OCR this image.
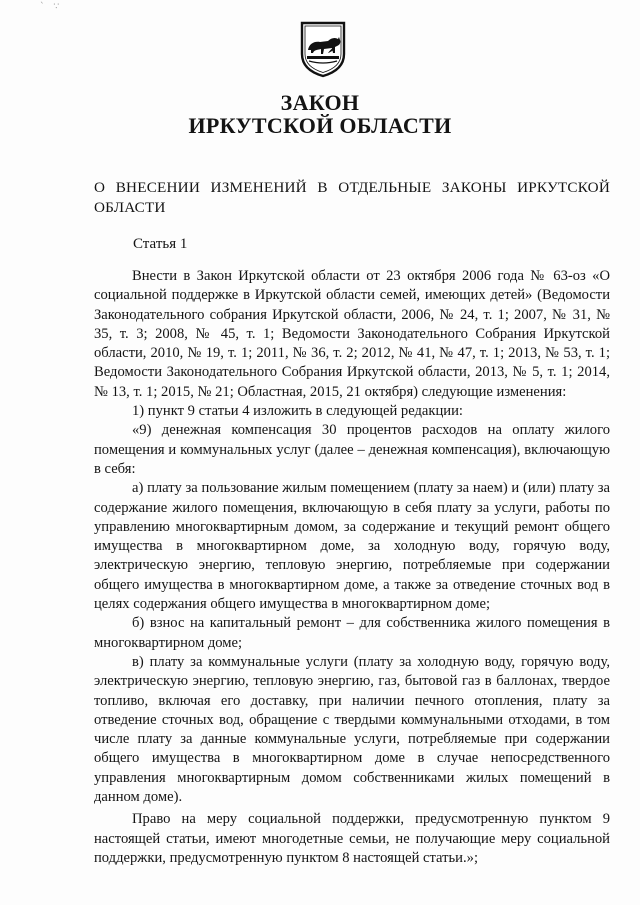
ˋ ∵
ЗАКОН
ИРКУТСКОЙ ОБЛАСТИ
О ВНЕСЕНИИ ИЗМЕНЕНИЙ В ОТДЕЛЬНЫЕ ЗАКОНЫ ИРКУТСКОЙ ОБЛАСТИ
Статья 1

Внести в Закон Иркутской области от 23 октября 2006 года № 63-оз «О социальной поддержке в Иркутской области семей, имеющих детей» (Ведомости Законодательного собрания Иркутской области, 2006, № 24, т. 1; 2007, № 31, № 35, т. 3; 2008, № 45, т. 1; Ведомости Законодательного Собрания Иркутской области, 2010, № 19, т. 1; 2011, № 36, т. 2; 2012, № 41, № 47, т. 1; 2013, № 53, т. 1; Ведомости Законодательного Собрания Иркутской области, 2013, № 5, т. 1; 2014, № 13, т. 1; 2015, № 21; Областная, 2015, 21 октября) следующие изменения:

1) пункт 9 статьи 4 изложить в следующей редакции:

«9) денежная компенсация 30 процентов расходов на оплату жилого помещения и коммунальных услуг (далее – денежная компенсация), включающую в себя:

а) плату за пользование жилым помещением (плату за наем) и (или) плату за содержание жилого помещения, включающую в себя плату за услуги, работы по управлению многоквартирным домом, за содержание и текущий ремонт общего имущества в многоквартирном доме, за холодную воду, горячую воду, электрическую энергию, тепловую энергию, потребляемые при содержании общего имущества в многоквартирном доме, а также за отведение сточных вод в целях содержания общего имущества в многоквартирном доме;

б) взнос на капитальный ремонт – для собственника жилого помещения в многоквартирном доме;

в) плату за коммунальные услуги (плату за холодную воду, горячую воду, электрическую энергию, тепловую энергию, газ, бытовой газ в баллонах, твердое топливо, включая его доставку, при наличии печного отопления, плату за отведение сточных вод, обращение с твердыми коммунальными отходами, в том числе плату за данные коммунальные услуги, потребляемые при содержании общего имущества в многоквартирном доме в случае непосредственного управления многоквартирным домом собственниками жилых помещений в данном доме).

Право на меру социальной поддержки, предусмотренную пунктом 9 настоящей статьи, имеют многодетные семьи, не получающие меру социальной поддержки, предусмотренную пунктом 8 настоящей статьи.»;
